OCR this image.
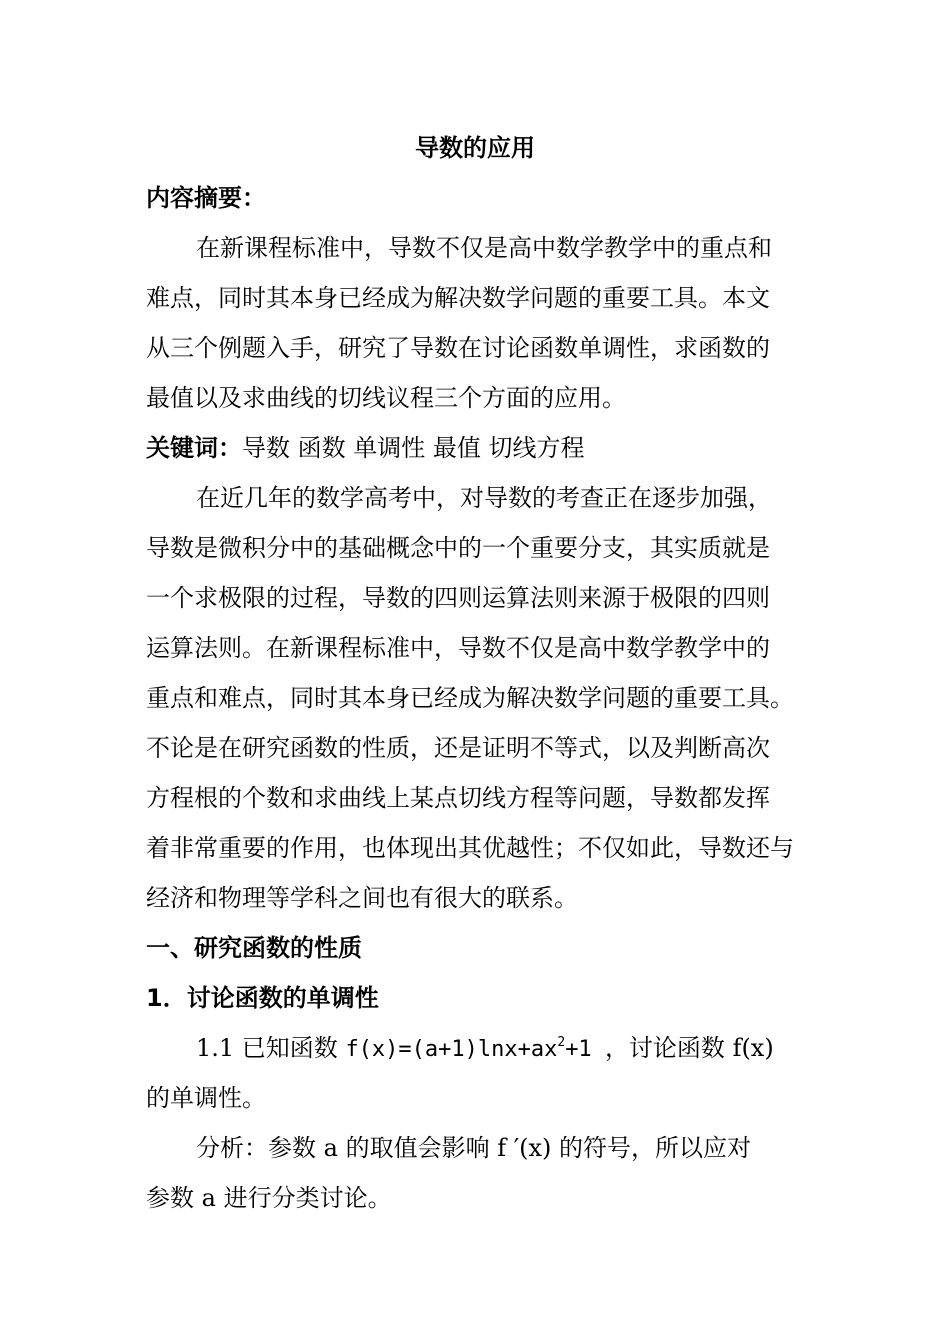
导数的应用
内容摘要：
在新课程标准中，导数不仅是高中数学教学中的重点和
难点，同时其本身已经成为解决数学问题的重要工具。本文
从三个例题入手，研究了导数在讨论函数单调性，求函数的
最值以及求曲线的切线议程三个方面的应用。
关键词：导数 函数 单调性 最值 切线方程
在近几年的数学高考中，对导数的考查正在逐步加强，
导数是微积分中的基础概念中的一个重要分支，其实质就是
一个求极限的过程，导数的四则运算法则来源于极限的四则
运算法则。在新课程标准中，导数不仅是高中数学教学中的
重点和难点，同时其本身已经成为解决数学问题的重要工具。
不论是在研究函数的性质，还是证明不等式，以及判断高次
方程根的个数和求曲线上某点切线方程等问题，导数都发挥
着非常重要的作用，也体现出其优越性；不仅如此，导数还与
经济和物理等学科之间也有很大的联系。
一、研究函数的性质
1．讨论函数的单调性
1.1 已知函数 $f(x)=(a+1)\ln x+ax^2+1$ ，讨论函数 f(x)
的单调性。
分析：参数 a 的取值会影响 f ′(x) 的符号，所以应对
参数 a 进行分类讨论。
